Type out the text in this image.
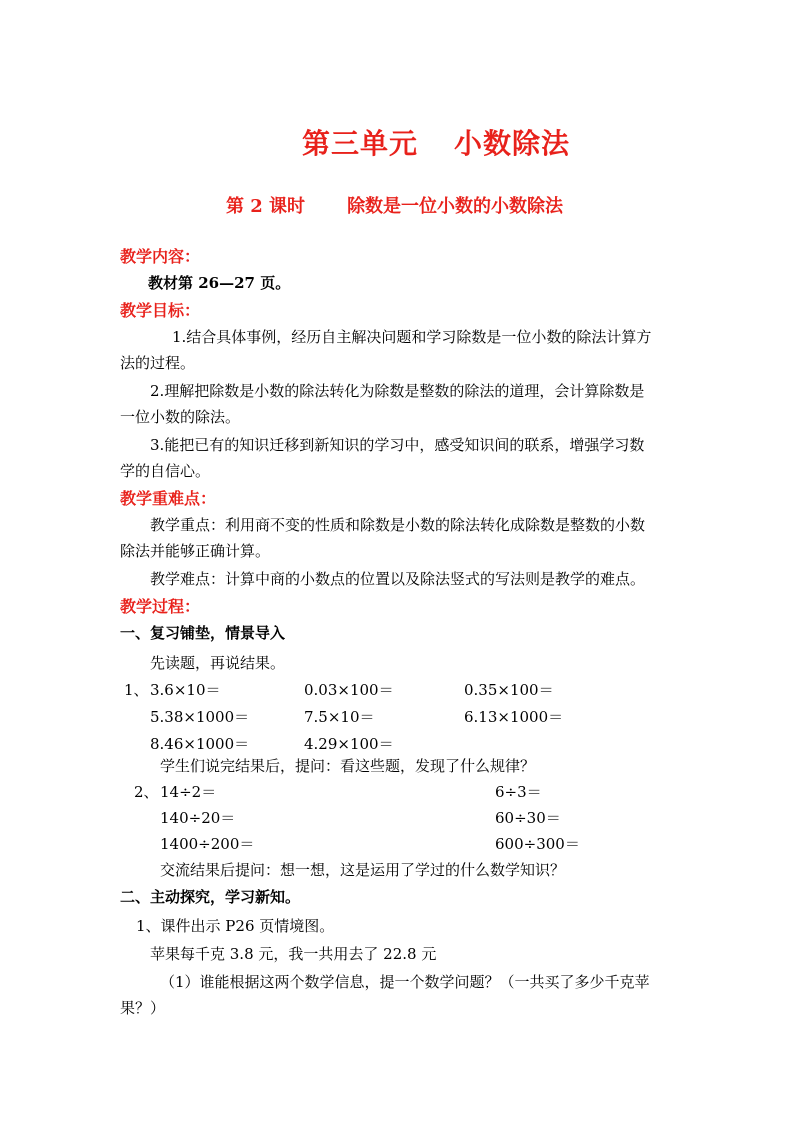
第三单元 小数除法
第 2 课时 除数是一位小数的小数除法
教学内容：
教材第 26—27 页。
教学目标：
1.结合具体事例，经历自主解决问题和学习除数是一位小数的除法计算方
法的过程。
2.理解把除数是小数的除法转化为除数是整数的除法的道理，会计算除数是
一位小数的除法。
3.能把已有的知识迁移到新知识的学习中，感受知识间的联系，增强学习数
学的自信心。
教学重难点：
教学重点：利用商不变的性质和除数是小数的除法转化成除数是整数的小数
除法并能够正确计算。
教学难点：计算中商的小数点的位置以及除法竖式的写法则是教学的难点。
教学过程：
一、复习铺垫，情景导入
先读题，再说结果。
1、 3.6×10＝	0.03×100＝	0.35×100＝
5.38×1000＝	7.5×10＝	6.13×1000＝
8.46×1000＝	4.29×100＝
学生们说完结果后，提问：看这些题，发现了什么规律？
2、 14÷2＝	6÷3＝
140÷20＝	60÷30＝
1400÷200＝	600÷300＝
交流结果后提问：想一想，这是运用了学过的什么数学知识？
二、主动探究，学习新知。
1、课件出示 P26 页情境图。
苹果每千克 3.8 元，我一共用去了 22.8 元
（1）谁能根据这两个数学信息，提一个数学问题？（一共买了多少千克苹
果？）
